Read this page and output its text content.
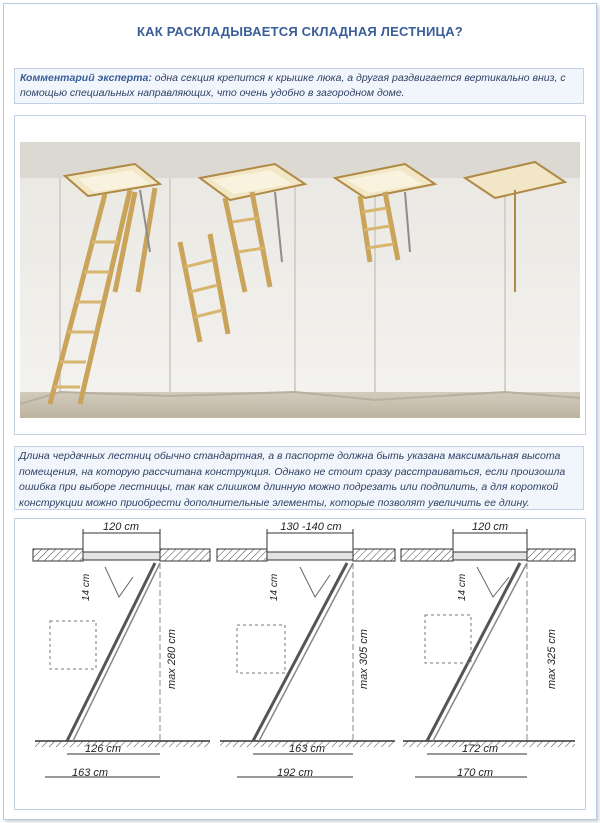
КАК РАСКЛАДЫВАЕТСЯ СКЛАДНАЯ ЛЕСТНИЦА?
Комментарий эксперта: одна секция крепится к крышке люка, а другая раздвигается вертикально вниз, с помощью специальных направляющих, что очень удобно в загородном доме.
Длина чердачных лестниц обычно стандартная, а в паспорте должна быть указана максимальная высота помещения, на которую рассчитана конструкция. Однако не стоит сразу расстраиваться, если произошла ошибка при выборе лестницы, так как слишком длинную можно подрезать или подпилить, а для короткой конструкции можно приобрести дополнительные элементы, которые позволят увеличить ее длину.
120 cm
14 cm
max 280 cm
126 cm
163 cm
130 -140 cm
14 cm
max 305 cm
163 cm
192 cm
120 cm
14 cm
max 325 cm
172 cm
170 cm
